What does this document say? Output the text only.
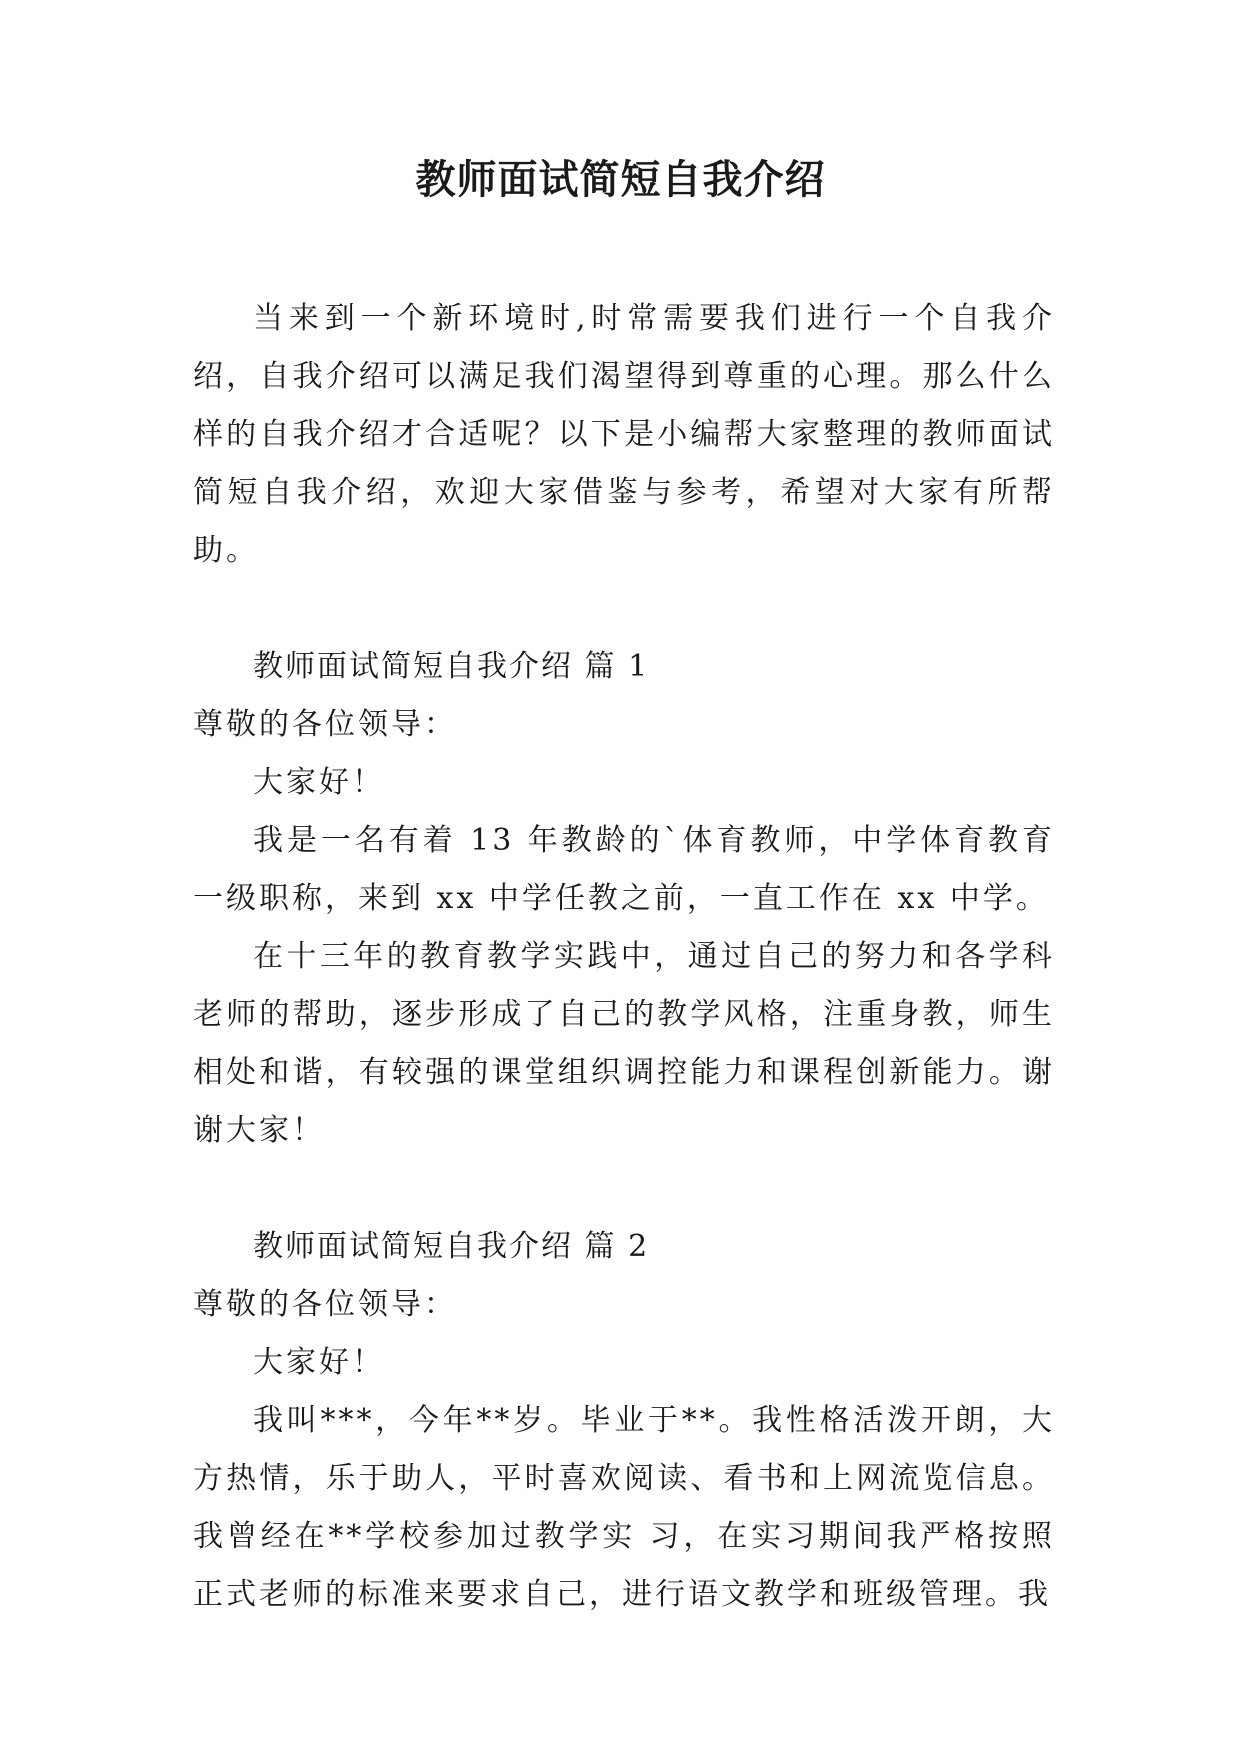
教师面试简短自我介绍

当来到一个新环境时,时常需要我们进行一个自我介绍，自我介绍可以满足我们渴望得到尊重的心理。那么什么样的自我介绍才合适呢？以下是小编帮大家整理的教师面试简短自我介绍，欢迎大家借鉴与参考，希望对大家有所帮助。

教师面试简短自我介绍 篇 1

尊敬的各位领导：

大家好！

我是一名有着 13 年教龄的`体育教师，中学体育教育一级职称，来到 xx 中学任教之前，一直工作在 xx 中学。

在十三年的教育教学实践中，通过自己的努力和各学科老师的帮助，逐步形成了自己的教学风格，注重身教，师生相处和谐，有较强的课堂组织调控能力和课程创新能力。谢谢大家！

教师面试简短自我介绍 篇 2

尊敬的各位领导：

大家好！

我叫***，今年**岁。毕业于**。我性格活泼开朗，大方热情，乐于助人，平时喜欢阅读、看书和上网流览信息。我曾经在**学校参加过教学实 习，在实习期间我严格按照正式老师的标准来要求自己，进行语文教学和班级管理。我
